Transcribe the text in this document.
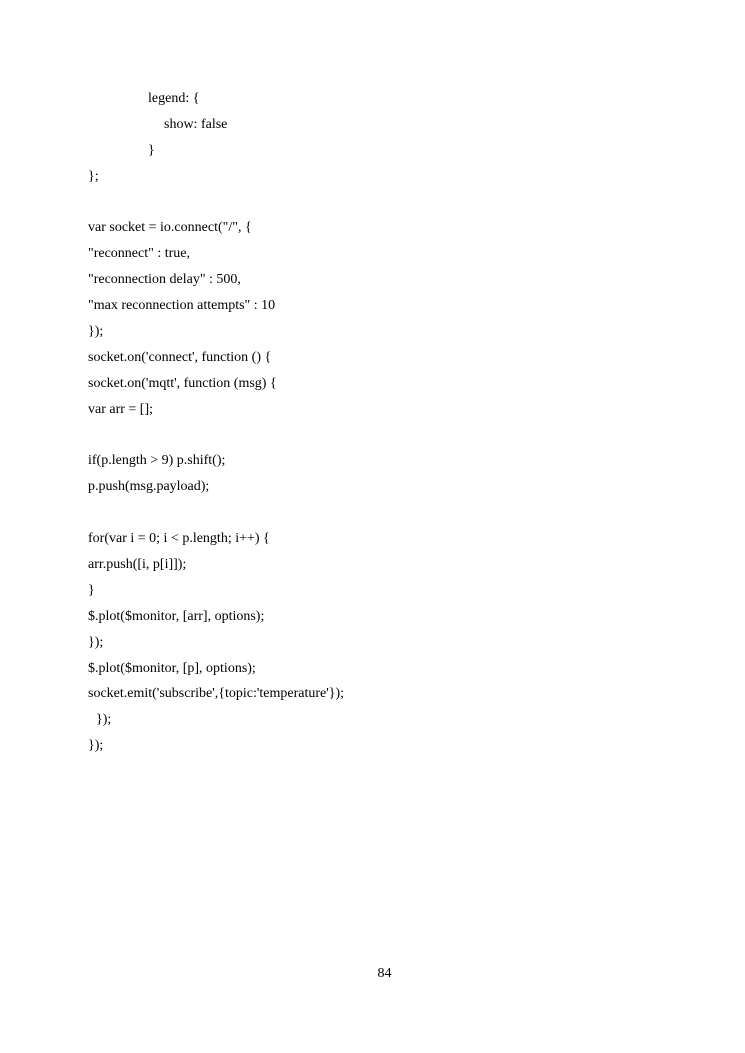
legend: {
show: false
}
};
var socket = io.connect("/", {
"reconnect" : true,
"reconnection delay" : 500,
"max reconnection attempts" : 10
});
socket.on('connect', function () {
socket.on('mqtt', function (msg) {
var arr = [];
if(p.length > 9) p.shift();
p.push(msg.payload);
for(var i = 0; i < p.length; i++) {
arr.push([i, p[i]]);
}
$.plot($monitor, [arr], options);
});
$.plot($monitor, [p], options);
socket.emit('subscribe',{topic:'temperature'});
});
});
84
